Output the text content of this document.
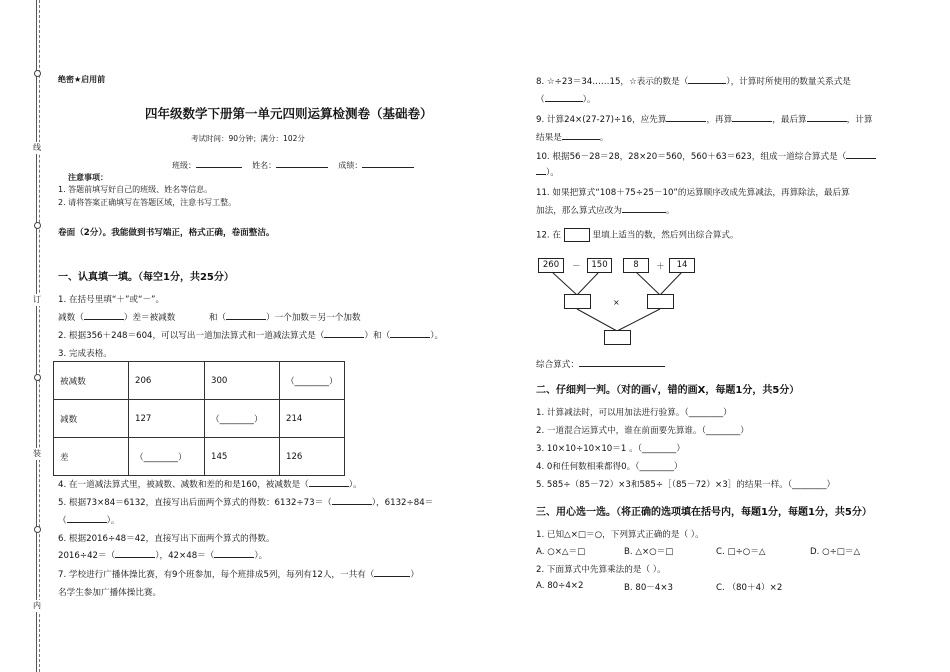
线
订
装
内
绝密★启用前
四年级数学下册第一单元四则运算检测卷（基础卷）
考试时间：90分钟；满分：102分
班级：	姓名：	成绩：
注意事项：
1. 答题前填写好自己的班级、姓名等信息。
2. 请将答案正确填写在答题区域，注意书写工整。
卷面（2分）。我能做到书写端正，格式正确，卷面整洁。
一、认真填一填。（每空1分，共25分）
1. 在括号里填“＋”或“－”。
减数（	）差＝被减数	和（	）一个加数＝另一个加数
2. 根据356＋248＝604，可以写出一道加法算式和一道减法算式是（	）和（	）。
3. 完成表格。
被减数	206	300	（________）
减数	127	（________）	214
差	（________）	145	126
4. 在一道减法算式里，被减数、减数和差的和是160，被减数是（	）。
5. 根据73×84＝6132，直接写出后面两个算式的得数：6132÷73＝（	），6132÷84＝
（	）。
6. 根据2016÷48＝42，直接写出下面两个算式的得数。
2016÷42＝（	），42×48＝（	）。
7. 学校进行广播体操比赛，有9个班参加，每个班排成5列，每列有12人，一共有（	）
名学生参加广播体操比赛。
8. ☆÷23＝34……15，☆表示的数是（	），计算时所使用的数量关系式是
（	）。
9. 计算24×(27-27)÷16，应先算	，再算	，最后算	，计算
结果是	。
10. 根据56－28＝28，28×20＝560，560＋63＝623，组成一道综合算式是（
）。
11. 如果把算式“108＋75÷25－10”的运算顺序改成先算减法，再算除法，最后算
加法，那么算式应改为	。
12. 在	里填上适当的数，然后列出综合算式。
260	－	150	8	＋	14
×
综合算式：
二、仔细判一判。（对的画√，错的画X，每题1分，共5分）
1. 计算减法时，可以用加法进行验算。（________）
2. 一道混合运算式中，谁在前面要先算谁。（________）
3. 10×10÷10×10＝1 。（________）
4. 0和任何数相乘都得0。（________）
5. 585÷（85－72）×3和585÷［（85－72）×3］的结果一样。（________）
三、用心选一选。（将正确的选项填在括号内，每题1分，每题1分，共5分）
1. 已知△×□＝○，下列算式正确的是（ ）。
A. ○×△＝□	B. △×○＝□	C. □÷○＝△	D. ○÷□＝△
2. 下面算式中先算乘法的是（ ）。
A. 80÷4×2	B. 80－4×3	C. （80＋4）×2
